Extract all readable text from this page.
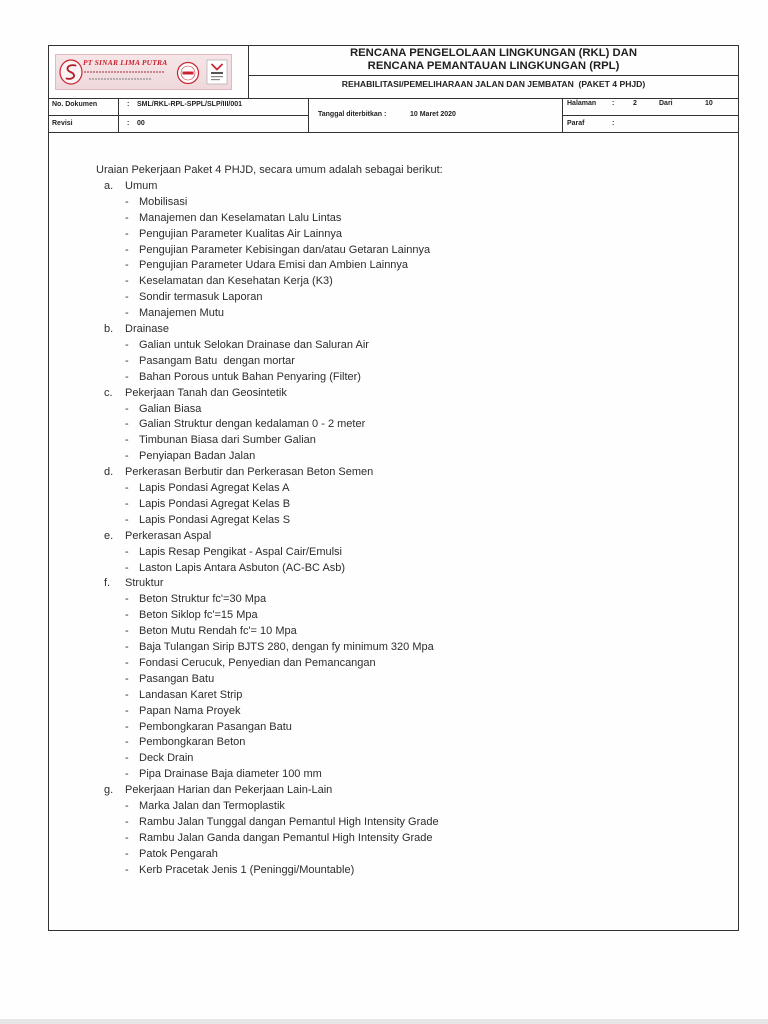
PT SINAR LIMA PUTRA
RENCANA PENGELOLAAN LINGKUNGAN (RKL) DAN
RENCANA PEMANTAUAN LINGKUNGAN (RPL)
REHABILITASI/PEMELIHARAAN JALAN DAN JEMBATAN  (PAKET 4 PHJD)
No. Dokumen	: SML/RKL-RPL-SPPL/SLP/III/001
Revisi	: 00
Tanggal diterbitkan :	10 Maret 2020
Halaman :	2	Dari	10
Paraf	:
Uraian Pekerjaan Paket 4 PHJD, secara umum adalah sebagai berikut:
a. Umum
- Mobilisasi
- Manajemen dan Keselamatan Lalu Lintas
- Pengujian Parameter Kualitas Air Lainnya
- Pengujian Parameter Kebisingan dan/atau Getaran Lainnya
- Pengujian Parameter Udara Emisi dan Ambien Lainnya
- Keselamatan dan Kesehatan Kerja (K3)
- Sondir termasuk Laporan
- Manajemen Mutu
b. Drainase
- Galian untuk Selokan Drainase dan Saluran Air
- Pasangam Batu  dengan mortar
- Bahan Porous untuk Bahan Penyaring (Filter)
c. Pekerjaan Tanah dan Geosintetik
- Galian Biasa
- Galian Struktur dengan kedalaman 0 - 2 meter
- Timbunan Biasa dari Sumber Galian
- Penyiapan Badan Jalan
d. Perkerasan Berbutir dan Perkerasan Beton Semen
- Lapis Pondasi Agregat Kelas A
- Lapis Pondasi Agregat Kelas B
- Lapis Pondasi Agregat Kelas S
e. Perkerasan Aspal
- Lapis Resap Pengikat - Aspal Cair/Emulsi
- Laston Lapis Antara Asbuton (AC-BC Asb)
f. Struktur
- Beton Struktur fc'=30 Mpa
- Beton Siklop fc'=15 Mpa
- Beton Mutu Rendah fc'= 10 Mpa
- Baja Tulangan Sirip BJTS 280, dengan fy minimum 320 Mpa
- Fondasi Cerucuk, Penyedian dan Pemancangan
- Pasangan Batu
- Landasan Karet Strip
- Papan Nama Proyek
- Pembongkaran Pasangan Batu
- Pembongkaran Beton
- Deck Drain
- Pipa Drainase Baja diameter 100 mm
g. Pekerjaan Harian dan Pekerjaan Lain-Lain
- Marka Jalan dan Termoplastik
- Rambu Jalan Tunggal dangan Pemantul High Intensity Grade
- Rambu Jalan Ganda dangan Pemantul High Intensity Grade
- Patok Pengarah
- Kerb Pracetak Jenis 1 (Peninggi/Mountable)
